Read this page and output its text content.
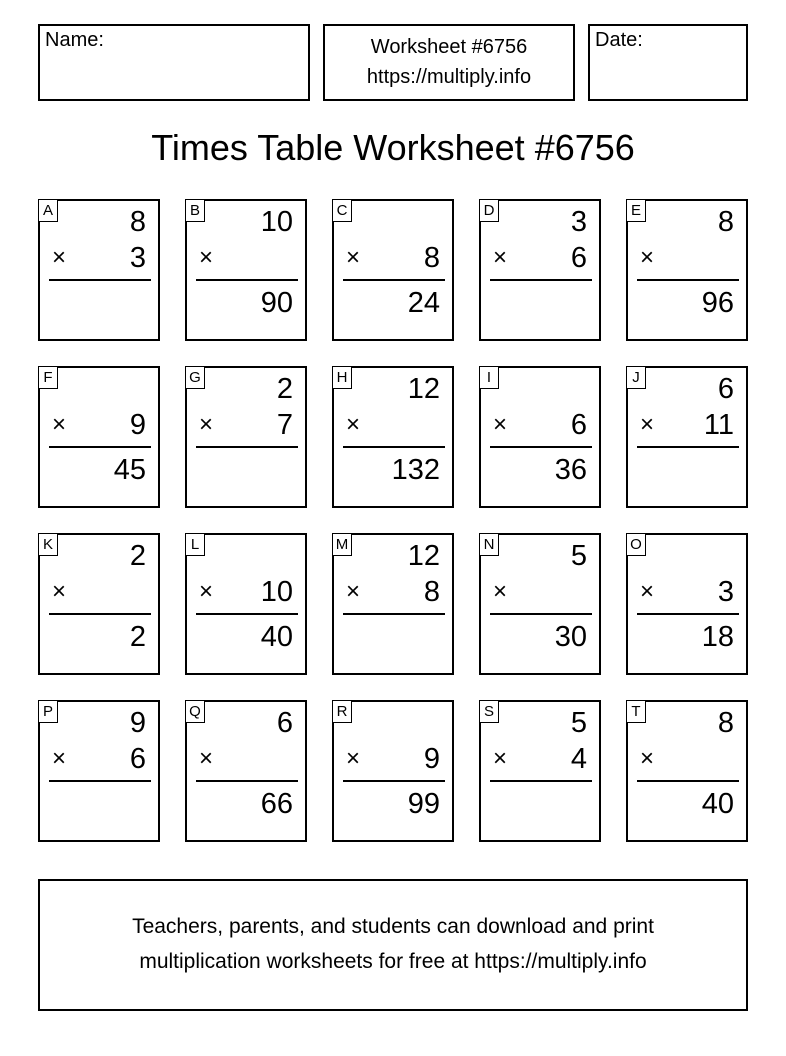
Name:	Worksheet #6756
https://multiply.info
Date:
Times Table Worksheet #6756
A	8
× 3
B 10
×
90
C
× 8
24
D	3
× 6
E	8
×
96
F
× 9
45
G	2
× 7
H 12
×
132
I
× 6
36
J	6
× 11
K	2
×
2
L
× 10
40
M 12
× 8
N	5
×
30
O
× 3
18
P	9
× 6
Q	6
×
66
R
× 9
99
S	5
× 4
T	8
×
40
Teachers, parents, and students can download and print
multiplication worksheets for free at https://multiply.info
